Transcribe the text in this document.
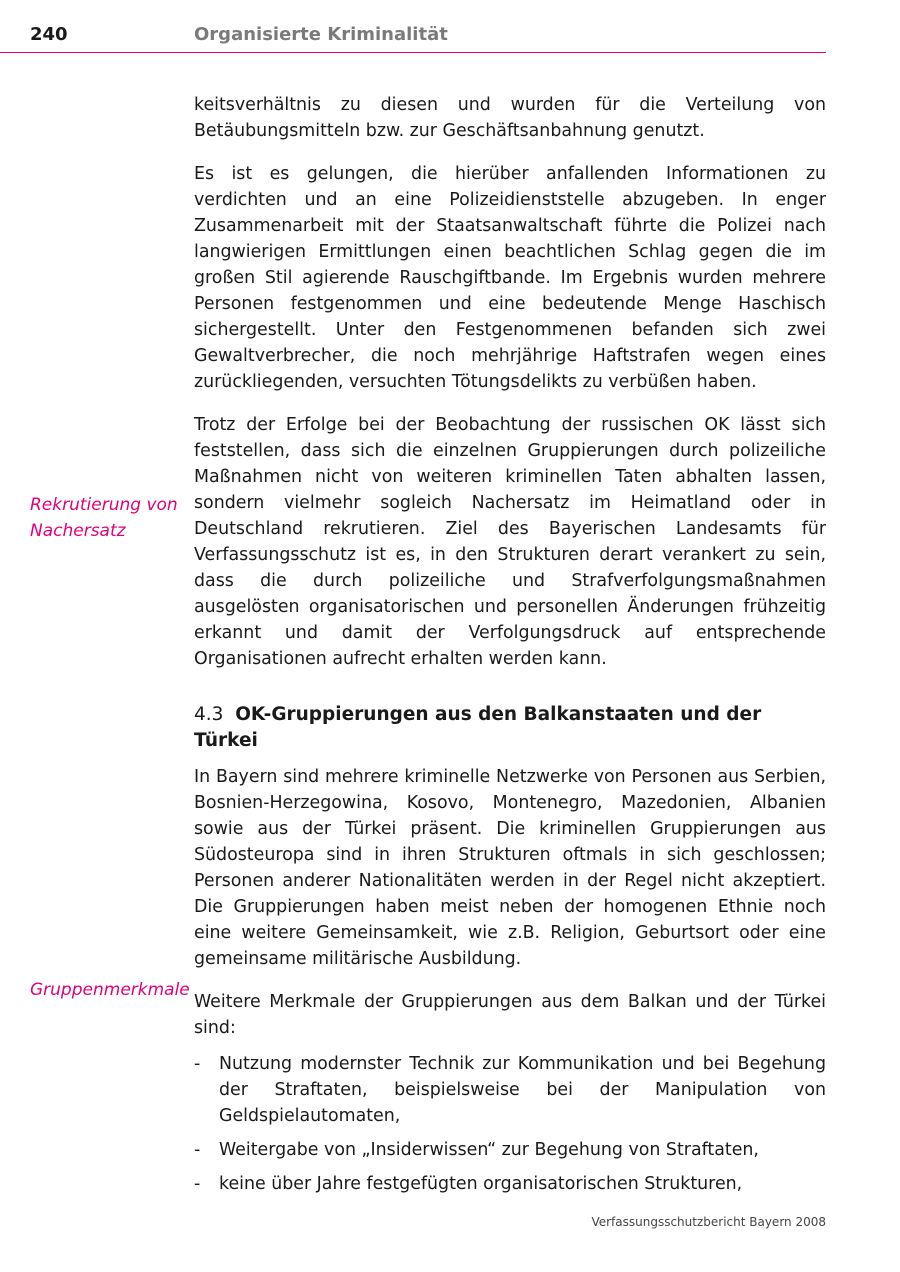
240	Organisierte Kriminalität
Rekrutierung von Nachersatz
Gruppenmerkmale

keitsverhältnis zu diesen und wurden für die Verteilung von Betäubungsmitteln bzw. zur Geschäftsanbahnung genutzt.

Es ist es gelungen, die hierüber anfallenden Informationen zu verdichten und an eine Polizeidienststelle abzugeben. In enger Zusammenarbeit mit der Staatsanwaltschaft führte die Polizei nach langwierigen Ermittlungen einen beachtlichen Schlag gegen die im großen Stil agierende Rauschgiftbande. Im Ergebnis wurden mehrere Personen festgenommen und eine bedeutende Menge Haschisch sichergestellt. Unter den Festgenommenen befanden sich zwei Gewaltverbrecher, die noch mehrjährige Haftstrafen wegen eines zurückliegenden, versuchten Tötungsdelikts zu verbüßen haben.

Trotz der Erfolge bei der Beobachtung der russischen OK lässt sich feststellen, dass sich die einzelnen Gruppierungen durch polizeiliche Maßnahmen nicht von weiteren kriminellen Taten abhalten lassen, sondern vielmehr sogleich Nachersatz im Heimatland oder in Deutschland rekrutieren. Ziel des Bayerischen Landesamts für Verfassungsschutz ist es, in den Strukturen derart verankert zu sein, dass die durch polizeiliche und Strafverfolgungsmaßnahmen ausgelösten organisatorischen und personellen Änderungen frühzeitig erkannt und damit der Verfolgungsdruck auf entsprechende Organisationen aufrecht erhalten werden kann.

4.3 OK-Gruppierungen aus den Balkanstaaten und der Türkei

In Bayern sind mehrere kriminelle Netzwerke von Personen aus Serbien, Bosnien-Herzegowina, Kosovo, Montenegro, Mazedonien, Albanien sowie aus der Türkei präsent. Die kriminellen Gruppierungen aus Südosteuropa sind in ihren Strukturen oftmals in sich geschlossen; Personen anderer Nationalitäten werden in der Regel nicht akzeptiert. Die Gruppierungen haben meist neben der homogenen Ethnie noch eine weitere Gemeinsamkeit, wie z.B. Religion, Geburtsort oder eine gemeinsame militärische Ausbildung.

Weitere Merkmale der Gruppierungen aus dem Balkan und der Türkei sind:

- Nutzung modernster Technik zur Kommunikation und bei Begehung der Straftaten, beispielsweise bei der Manipulation von Geldspielautomaten,
- Weitergabe von „Insiderwissen“ zur Begehung von Straftaten,
- keine über Jahre festgefügten organisatorischen Strukturen,
Verfassungsschutzbericht Bayern 2008
